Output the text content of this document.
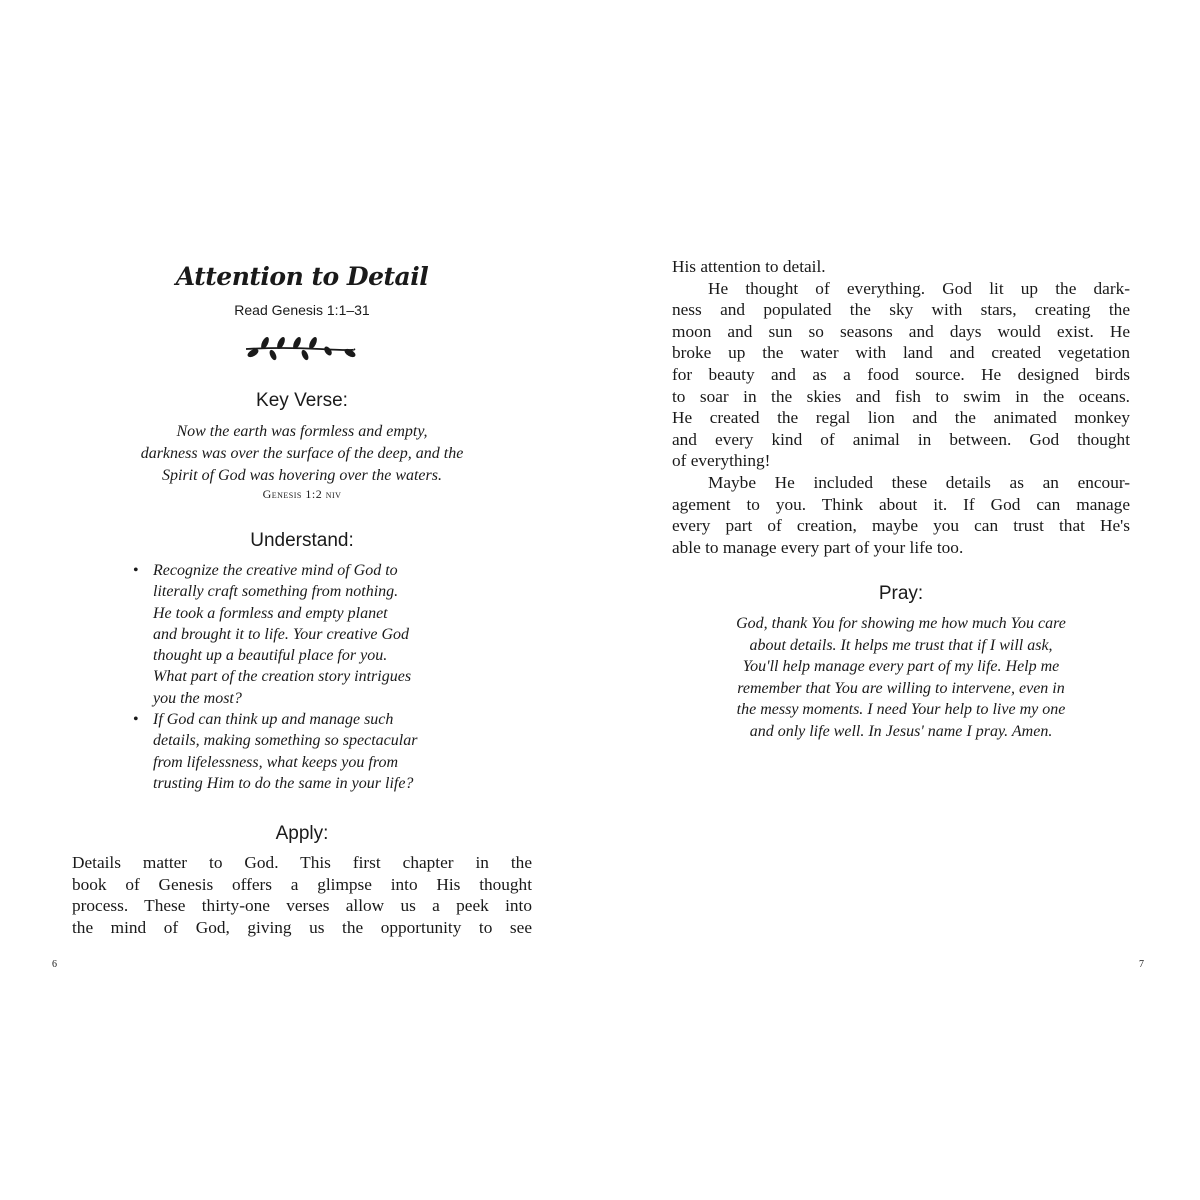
Attention to Detail
Read Genesis 1:1–31
Key Verse:
Now the earth was formless and empty,
darkness was over the surface of the deep, and the
Spirit of God was hovering over the waters.
Genesis 1:2 niv
Understand:
• Recognize the creative mind of God to
literally craft something from nothing.
He took a formless and empty planet
and brought it to life. Your creative God
thought up a beautiful place for you.
What part of the creation story intrigues
you the most?
• If God can think up and manage such
details, making something so spectacular
from lifelessness, what keeps you from
trusting Him to do the same in your life?
Apply:
Details matter to God. This first chapter in the
book of Genesis offers a glimpse into His thought
process. These thirty-one verses allow us a peek into
the mind of God, giving us the opportunity to see
6
His attention to detail.
He thought of everything. God lit up the dark-
ness and populated the sky with stars, creating the
moon and sun so seasons and days would exist. He
broke up the water with land and created vegetation
for beauty and as a food source. He designed birds
to soar in the skies and fish to swim in the oceans.
He created the regal lion and the animated monkey
and every kind of animal in between. God thought
of everything!
Maybe He included these details as an encour-
agement to you. Think about it. If God can manage
every part of creation, maybe you can trust that He's
able to manage every part of your life too.
Pray:
God, thank You for showing me how much You care
about details. It helps me trust that if I will ask,
You'll help manage every part of my life. Help me
remember that You are willing to intervene, even in
the messy moments. I need Your help to live my one
and only life well. In Jesus' name I pray. Amen.
7
